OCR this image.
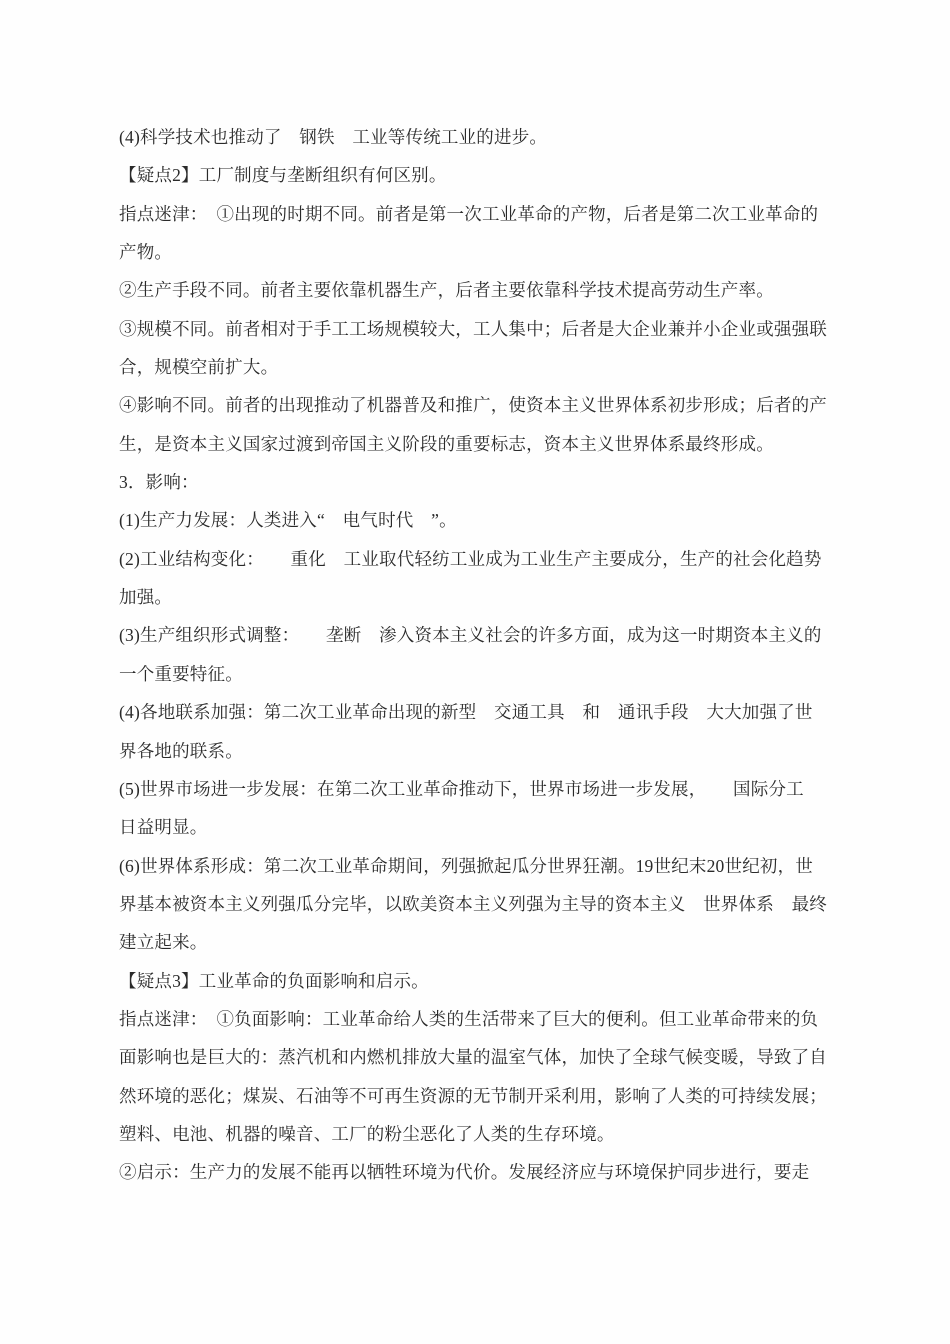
(4)科学技术也推动了　钢铁　工业等传统工业的进步。
【疑点2】工厂制度与垄断组织有何区别。
指点迷津：　①出现的时期不同。前者是第一次工业革命的产物，后者是第二次工业革命的
产物。
②生产手段不同。前者主要依靠机器生产，后者主要依靠科学技术提高劳动生产率。
③规模不同。前者相对于手工工场规模较大，工人集中；后者是大企业兼并小企业或强强联
合，规模空前扩大。
④影响不同。前者的出现推动了机器普及和推广，使资本主义世界体系初步形成；后者的产
生，是资本主义国家过渡到帝国主义阶段的重要标志，资本主义世界体系最终形成。
3．影响：
(1)生产力发展：人类进入“　电气时代　”。
(2)工业结构变化：　　重化　工业取代轻纺工业成为工业生产主要成分，生产的社会化趋势
加强。
(3)生产组织形式调整：　　垄断　渗入资本主义社会的许多方面，成为这一时期资本主义的
一个重要特征。
(4)各地联系加强：第二次工业革命出现的新型　交通工具　和　通讯手段　大大加强了世
界各地的联系。
(5)世界市场进一步发展：在第二次工业革命推动下，世界市场进一步发展，　　国际分工
日益明显。
(6)世界体系形成：第二次工业革命期间，列强掀起瓜分世界狂潮。19世纪末20世纪初，世
界基本被资本主义列强瓜分完毕，以欧美资本主义列强为主导的资本主义　世界体系　最终
建立起来。
【疑点3】工业革命的负面影响和启示。
指点迷津：　①负面影响：工业革命给人类的生活带来了巨大的便利。但工业革命带来的负
面影响也是巨大的：蒸汽机和内燃机排放大量的温室气体，加快了全球气候变暖，导致了自
然环境的恶化；煤炭、石油等不可再生资源的无节制开采利用，影响了人类的可持续发展；
塑料、电池、机器的噪音、工厂的粉尘恶化了人类的生存环境。
②启示：生产力的发展不能再以牺牲环境为代价。发展经济应与环境保护同步进行，要走
